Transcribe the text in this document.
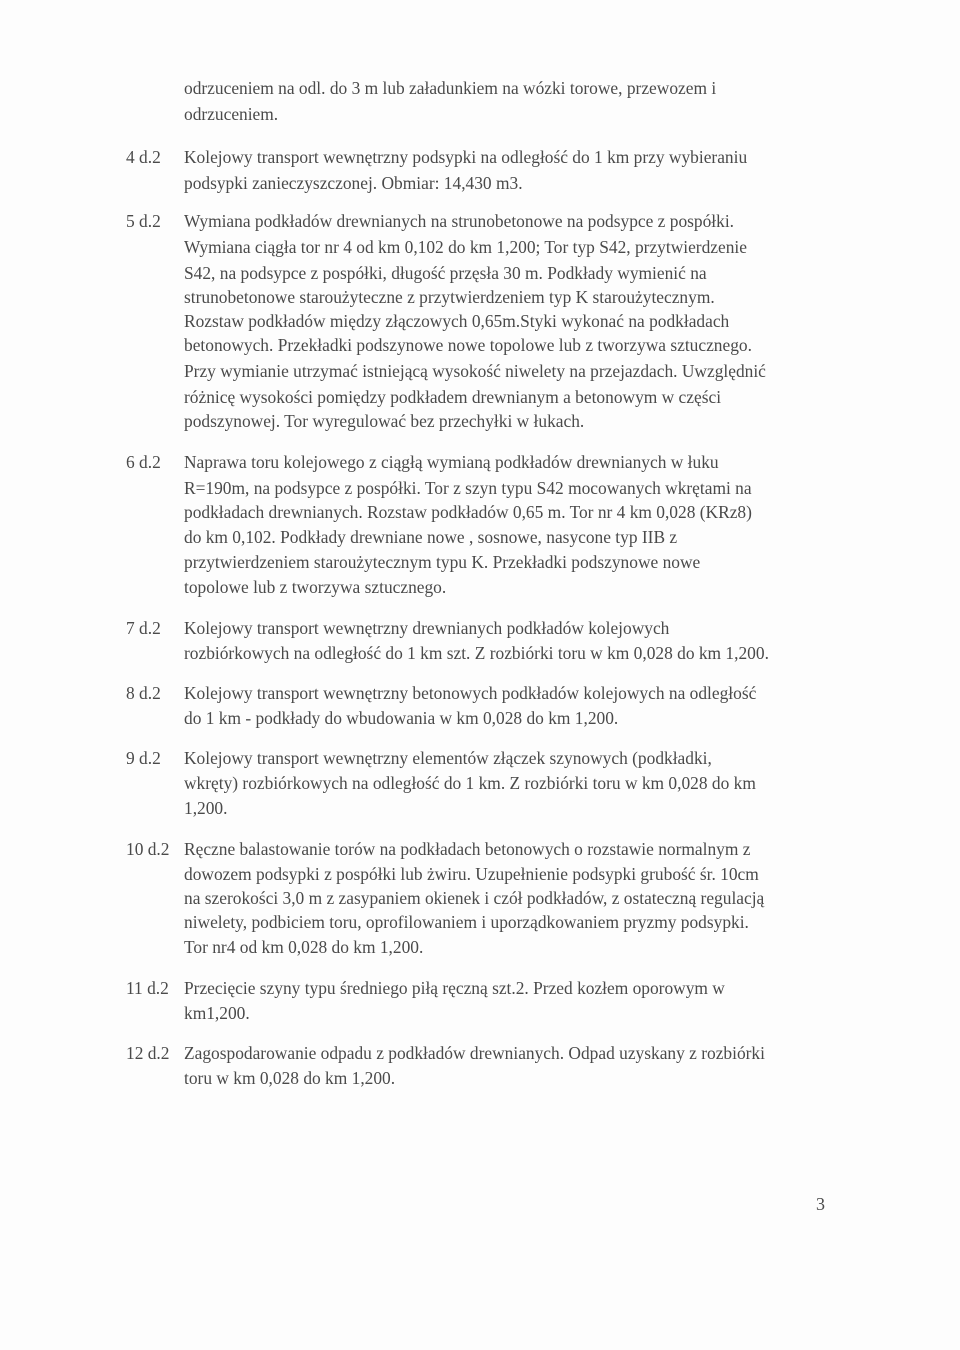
odrzuceniem na odl. do 3 m lub załadunkiem na wózki torowe, przewozem i
odrzuceniem.
4 d.2 Kolejowy transport wewnętrzny podsypki na odległość do 1 km przy wybieraniu
podsypki zanieczyszczonej. Obmiar: 14,430 m3.
5 d.2 Wymiana podkładów drewnianych na strunobetonowe na podsypce z pospółki.
Wymiana ciągła tor nr 4 od km 0,102 do km 1,200; Tor typ S42, przytwierdzenie
S42, na podsypce z pospółki, długość przęsła 30 m. Podkłady wymienić na
strunobetonowe staroużyteczne z przytwierdzeniem typ K staroużytecznym.
Rozstaw podkładów między złączowych 0,65m.Styki wykonać na podkładach
betonowych. Przekładki podszynowe nowe topolowe lub z tworzywa sztucznego.
Przy wymianie utrzymać istniejącą wysokość niwelety na przejazdach. Uwzględnić
różnicę wysokości pomiędzy podkładem drewnianym a betonowym w części
podszynowej. Tor wyregulować bez przechyłki w łukach.
6 d.2 Naprawa toru kolejowego z ciągłą wymianą podkładów drewnianych w łuku
R=190m, na podsypce z pospółki. Tor z szyn typu S42 mocowanych wkrętami na
podkładach drewnianych. Rozstaw podkładów 0,65 m. Tor nr 4 km 0,028 (KRz8)
do km 0,102. Podkłady drewniane nowe , sosnowe, nasycone typ IIB z
przytwierdzeniem staroużytecznym typu K. Przekładki podszynowe nowe
topolowe lub z tworzywa sztucznego.
7 d.2 Kolejowy transport wewnętrzny drewnianych podkładów kolejowych
rozbiórkowych na odległość do 1 km szt. Z rozbiórki toru w km 0,028 do km 1,200.
8 d.2 Kolejowy transport wewnętrzny betonowych podkładów kolejowych na odległość
do 1 km - podkłady do wbudowania w km 0,028 do km 1,200.
9 d.2 Kolejowy transport wewnętrzny elementów złączek szynowych (podkładki,
wkręty) rozbiórkowych na odległość do 1 km. Z rozbiórki toru w km 0,028 do km
1,200.
10 d.2 Ręczne balastowanie torów na podkładach betonowych o rozstawie normalnym z
dowozem podsypki z pospółki lub żwiru. Uzupełnienie podsypki grubość śr. 10cm
na szerokości 3,0 m z zasypaniem okienek i czół podkładów, z ostateczną regulacją
niwelety, podbiciem toru, oprofilowaniem i uporządkowaniem pryzmy podsypki.
Tor nr4 od km 0,028 do km 1,200.
11 d.2 Przecięcie szyny typu średniego piłą ręczną szt.2. Przed kozłem oporowym w
km1,200.
12 d.2 Zagospodarowanie odpadu z podkładów drewnianych. Odpad uzyskany z rozbiórki
toru w km 0,028 do km 1,200.
3
